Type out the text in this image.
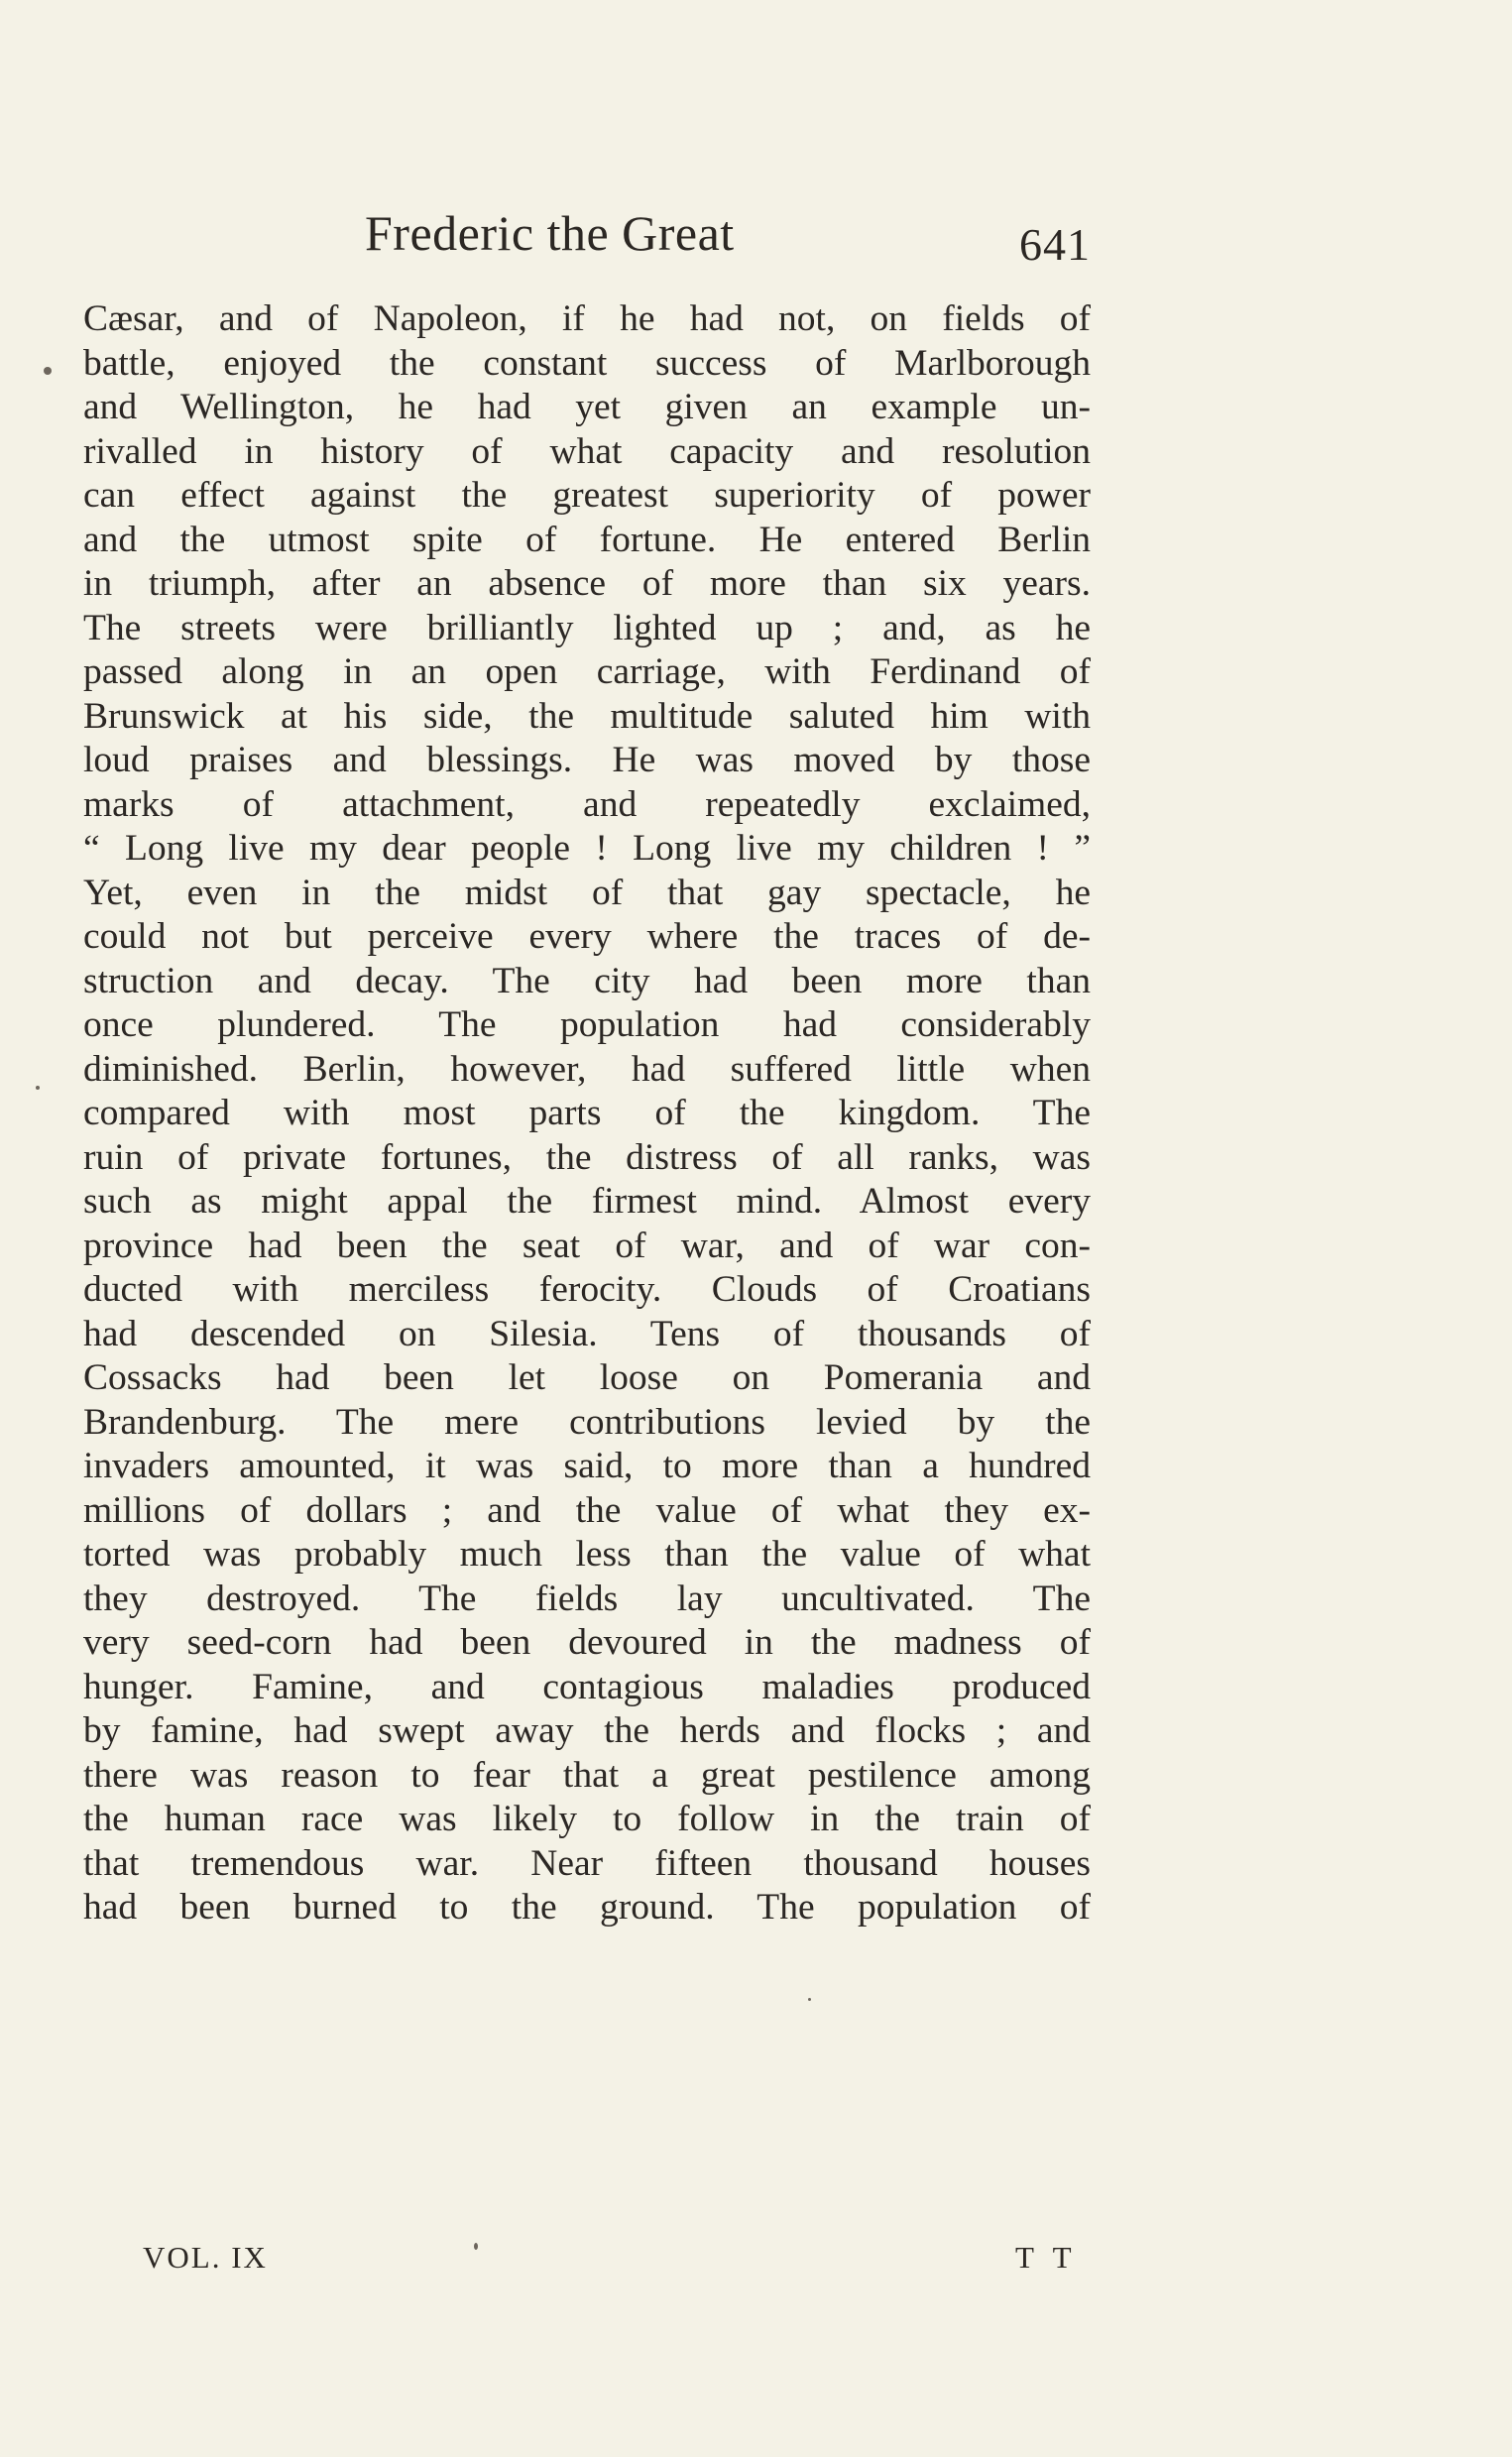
Frederic the Great	641
Cæsar, and of Napoleon, if he had not, on fields of
battle, enjoyed the constant success of Marlborough
and Wellington, he had yet given an example un-
rivalled in history of what capacity and resolution
can effect against the greatest superiority of power
and the utmost spite of fortune. He entered Berlin
in triumph, after an absence of more than six years.
The streets were brilliantly lighted up ; and, as he
passed along in an open carriage, with Ferdinand of
Brunswick at his side, the multitude saluted him with
loud praises and blessings. He was moved by those
marks of attachment, and repeatedly exclaimed,
“ Long live my dear people ! Long live my children ! ”
Yet, even in the midst of that gay spectacle, he
could not but perceive every where the traces of de-
struction and decay. The city had been more than
once plundered. The population had considerably
diminished. Berlin, however, had suffered little when
compared with most parts of the kingdom. The
ruin of private fortunes, the distress of all ranks, was
such as might appal the firmest mind. Almost every
province had been the seat of war, and of war con-
ducted with merciless ferocity. Clouds of Croatians
had descended on Silesia. Tens of thousands of
Cossacks had been let loose on Pomerania and
Brandenburg. The mere contributions levied by the
invaders amounted, it was said, to more than a hundred
millions of dollars ; and the value of what they ex-
torted was probably much less than the value of what
they destroyed. The fields lay uncultivated. The
very seed-corn had been devoured in the madness of
hunger. Famine, and contagious maladies produced
by famine, had swept away the herds and flocks ; and
there was reason to fear that a great pestilence among
the human race was likely to follow in the train of
that tremendous war. Near fifteen thousand houses
had been burned to the ground. The population of
VOL. IX	T T
